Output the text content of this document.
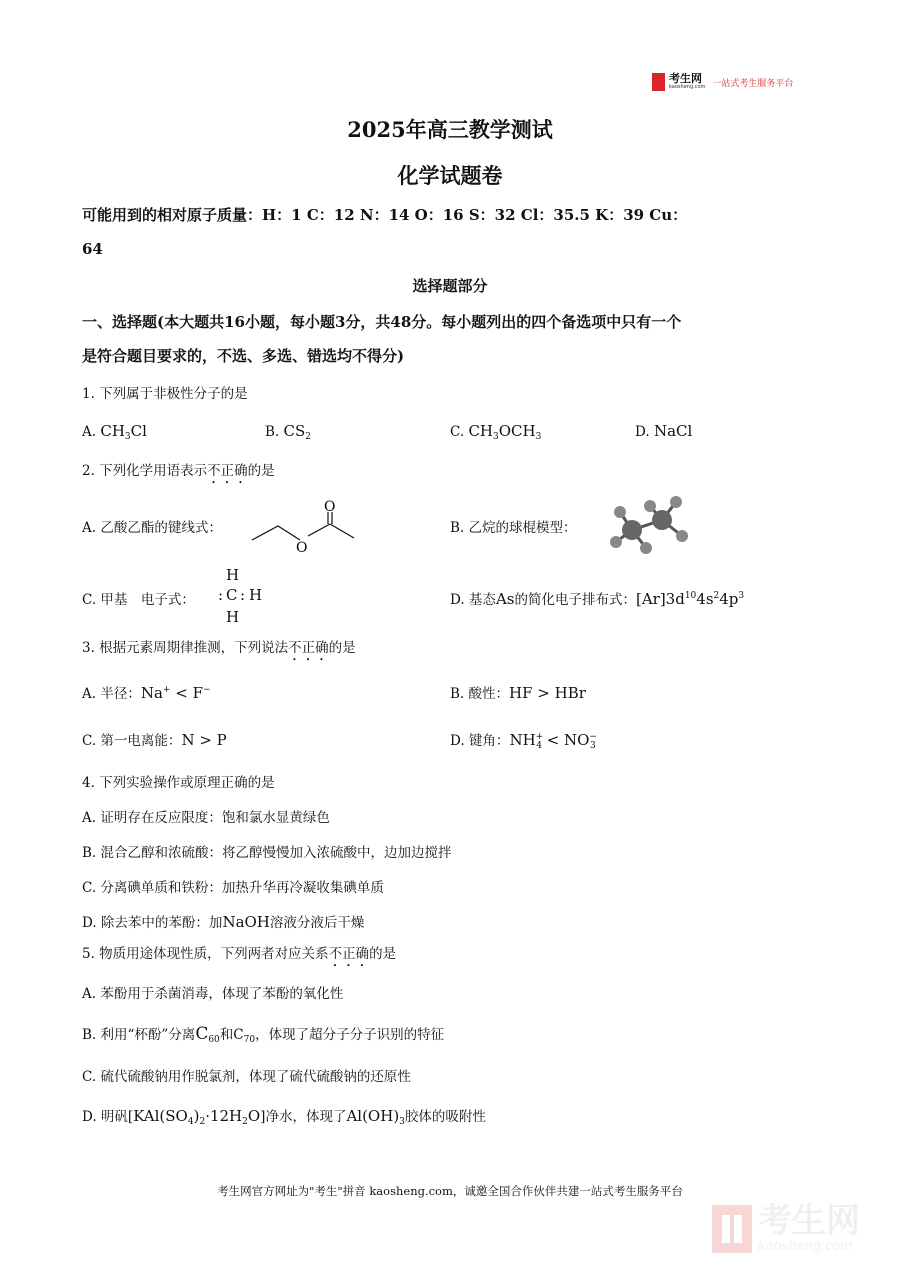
考生网
kaosheng.com 一站式考生服务平台
2025年高三教学测试
化学试题卷
可能用到的相对原子质量：H：1 C：12 N：14 O：16 S：32 Cl：35.5 K：39 Cu：
64
选择题部分
一、选择题(本大题共16小题，每小题3分，共48分。每小题列出的四个备选项中只有一个
是符合题目要求的，不选、多选、错选均不得分)
1. 下列属于非极性分子的是
A. $CH_3Cl$	B. $CS_2$	C. $CH_3OCH_3$	D. NaCl
2. 下列化学用语表示不正确的是
A. 乙酸乙酯的键线式：
O
O
B. 乙烷的球棍模型：
C. 甲基　电子式：
H
: C : H
H
D. 基态As的简化电子排布式：$[Ar]3d^{10}4s^24p^3$
3. 根据元素周期律推测，下列说法不正确的是
A. 半径：Na+ < F−	B. 酸性：HF > HBr
C. 第一电离能：N > P	D. 键角：$NH^+_4 < NO^-_3$
4. 下列实验操作或原理正确的是
A. 证明存在反应限度：饱和氯水显黄绿色
B. 混合乙醇和浓硫酸：将乙醇慢慢加入浓硫酸中，边加边搅拌
C. 分离碘单质和铁粉：加热升华再冷凝收集碘单质
D. 除去苯中的苯酚：加NaOH溶液分液后干燥
5. 物质用途体现性质，下列两者对应关系不正确的是
A. 苯酚用于杀菌消毒，体现了苯酚的氧化性
B. 利用“杯酚”分离$C_{60}$和$C_{70}$，体现了超分子分子识别的特征
C. 硫代硫酸钠用作脱氯剂，体现了硫代硫酸钠的还原性
D. 明矾$[KAl(SO_4)_2\cdot 12H_2O]$净水，体现了$Al(OH)_3$胶体的吸附性
考生网官方网址为"考生"拼音 kaosheng.com，诚邀全国合作伙伴共建一站式考生服务平台
考生网
kaosheng.com
